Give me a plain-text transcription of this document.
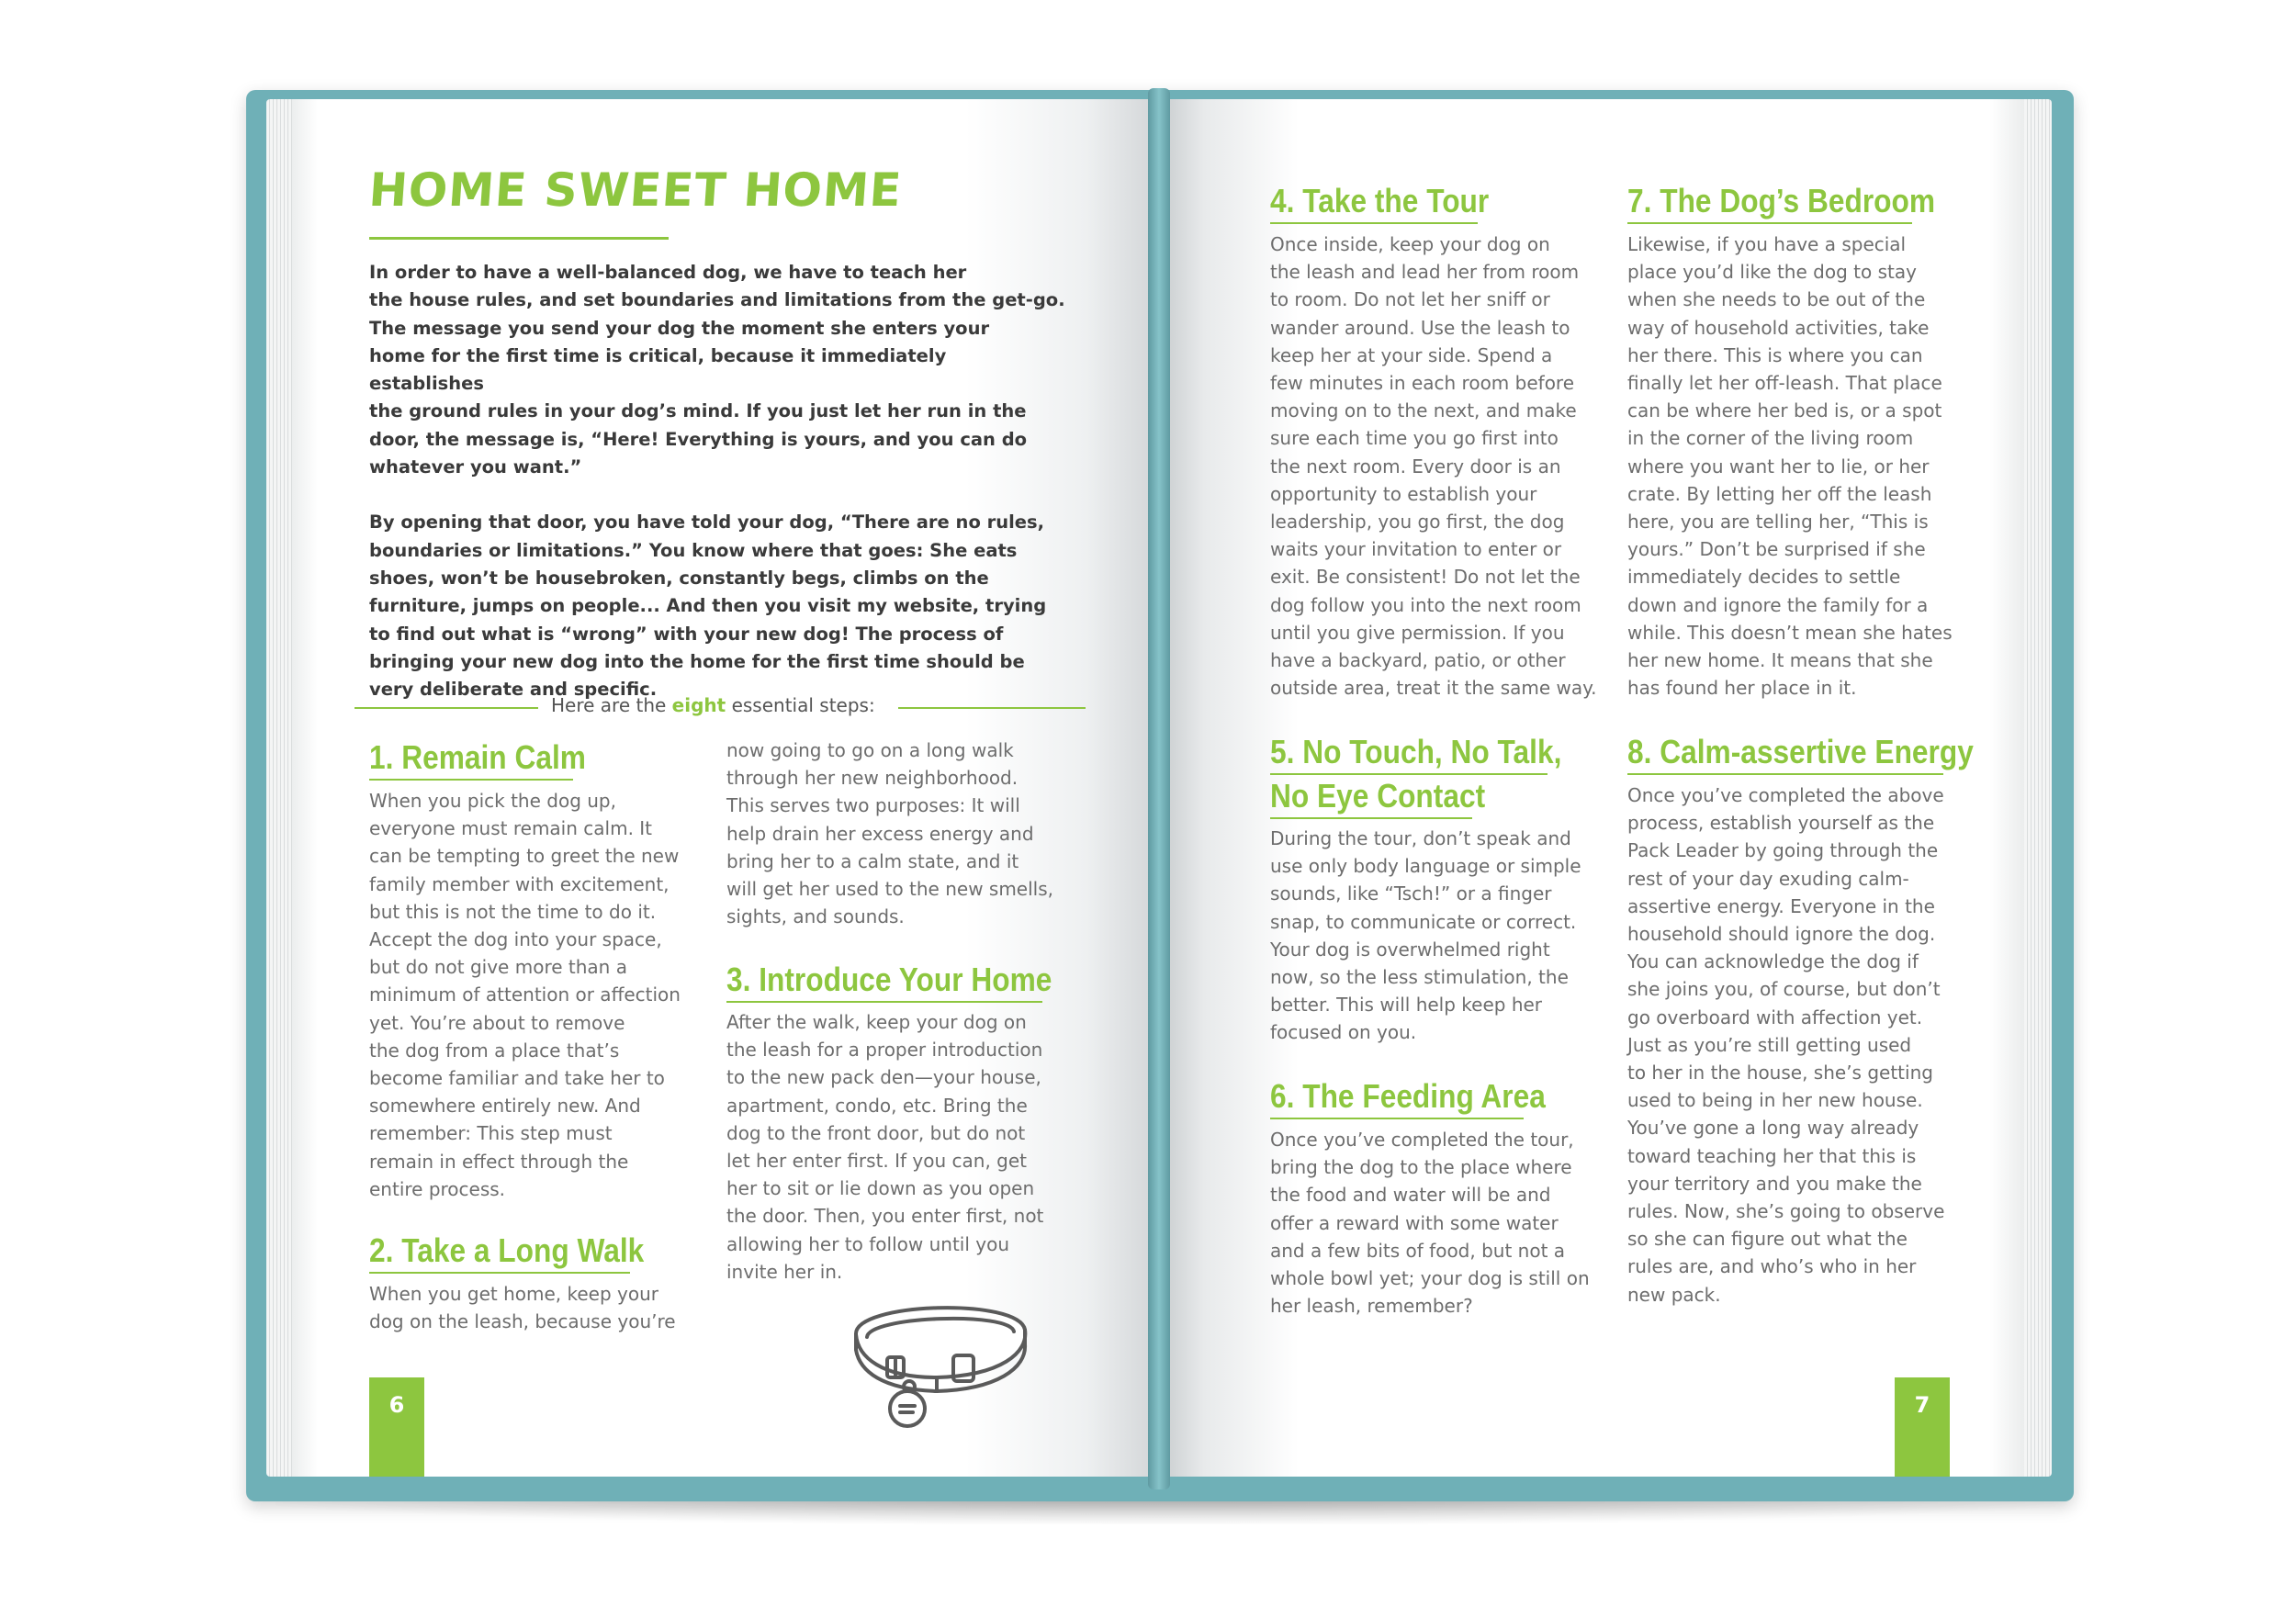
HOME SWEET HOME

In order to have a well-balanced dog, we have to teach her
the house rules, and set boundaries and limitations from the get-go.
The message you send your dog the moment she enters your
home for the first time is critical, because it immediately establishes
the ground rules in your dog’s mind. If you just let her run in the
door, the message is, “Here! Everything is yours, and you can do
whatever you want.”

By opening that door, you have told your dog, “There are no rules,
boundaries or limitations.” You know where that goes: She eats
shoes, won’t be housebroken, constantly begs, climbs on the
furniture, jumps on people... And then you visit my website, trying
to find out what is “wrong” with your new dog! The process of
bringing your new dog into the home for the first time should be
very deliberate and specific.

Here are the eight essential steps:
1. Remain Calm
When you pick the dog up,
everyone must remain calm. It
can be tempting to greet the new
family member with excitement,
but this is not the time to do it.
Accept the dog into your space,
but do not give more than a
minimum of attention or affection
yet. You’re about to remove
the dog from a place that’s
become familiar and take her to
somewhere entirely new. And
remember: This step must
remain in effect through the
entire process.
2. Take a Long Walk
When you get home, keep your
dog on the leash, because you’re
now going to go on a long walk
through her new neighborhood.
This serves two purposes: It will
help drain her excess energy and
bring her to a calm state, and it
will get her used to the new smells,
sights, and sounds.
3. Introduce Your Home
After the walk, keep your dog on
the leash for a proper introduction
to the new pack den—your house,
apartment, condo, etc. Bring the
dog to the front door, but do not
let her enter first. If you can, get
her to sit or lie down as you open
the door. Then, you enter first, not
allowing her to follow until you
invite her in.
6
4. Take the Tour
Once inside, keep your dog on
the leash and lead her from room
to room. Do not let her sniff or
wander around. Use the leash to
keep her at your side. Spend a
few minutes in each room before
moving on to the next, and make
sure each time you go first into
the next room. Every door is an
opportunity to establish your
leadership, you go first, the dog
waits your invitation to enter or
exit. Be consistent! Do not let the
dog follow you into the next room
until you give permission. If you
have a backyard, patio, or other
outside area, treat it the same way.
5. No Touch, No Talk,
No Eye Contact
During the tour, don’t speak and
use only body language or simple
sounds, like “Tsch!” or a finger
snap, to communicate or correct.
Your dog is overwhelmed right
now, so the less stimulation, the
better. This will help keep her
focused on you.
6. The Feeding Area
Once you’ve completed the tour,
bring the dog to the place where
the food and water will be and
offer a reward with some water
and a few bits of food, but not a
whole bowl yet; your dog is still on
her leash, remember?
7. The Dog’s Bedroom
Likewise, if you have a special
place you’d like the dog to stay
when she needs to be out of the
way of household activities, take
her there. This is where you can
finally let her off-leash. That place
can be where her bed is, or a spot
in the corner of the living room
where you want her to lie, or her
crate. By letting her off the leash
here, you are telling her, “This is
yours.” Don’t be surprised if she
immediately decides to settle
down and ignore the family for a
while. This doesn’t mean she hates
her new home. It means that she
has found her place in it.
8. Calm-assertive Energy
Once you’ve completed the above
process, establish yourself as the
Pack Leader by going through the
rest of your day exuding calm-
assertive energy. Everyone in the
household should ignore the dog.
You can acknowledge the dog if
she joins you, of course, but don’t
go overboard with affection yet.
Just as you’re still getting used
to her in the house, she’s getting
used to being in her new house.
You’ve gone a long way already
toward teaching her that this is
your territory and you make the
rules. Now, she’s going to observe
so she can figure out what the
rules are, and who’s who in her
new pack.
7
